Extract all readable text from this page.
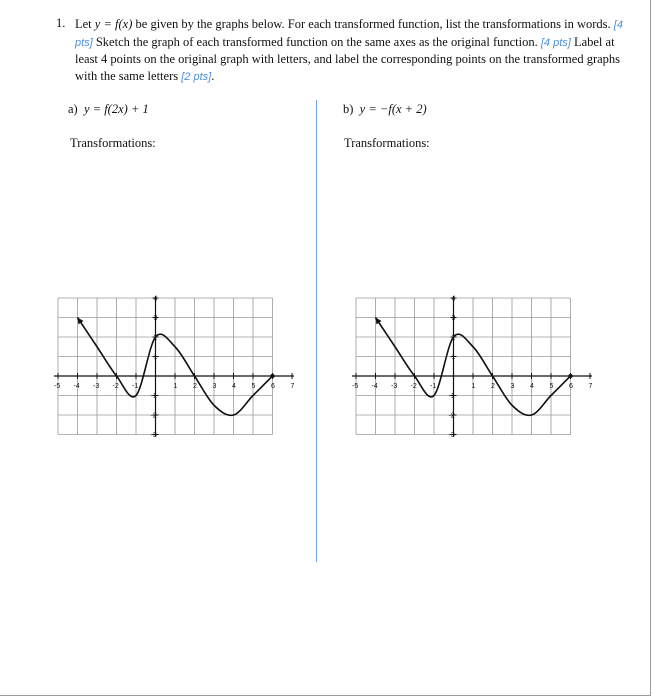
1. Let y = f(x) be given by the graphs below. For each transformed function, list the transformations in words. [4 pts] Sketch the graph of each transformed function on the same axes as the original function. [4 pts] Label at least 4 points on the original graph with letters, and label the corresponding points on the transformed graphs with the same letters [2 pts].
a) y = f(2x) + 1
Transformations:
b) y = −f(x + 2)
Transformations:
-5 -4 -3 -2 -1	1 2 3 4 5 6 7
4
3
2
1
-1
-2
-3
-5 -4 -3 -2 -1	1 2 3 4 5 6 7
4
3
2
1
-1
-2
-3
